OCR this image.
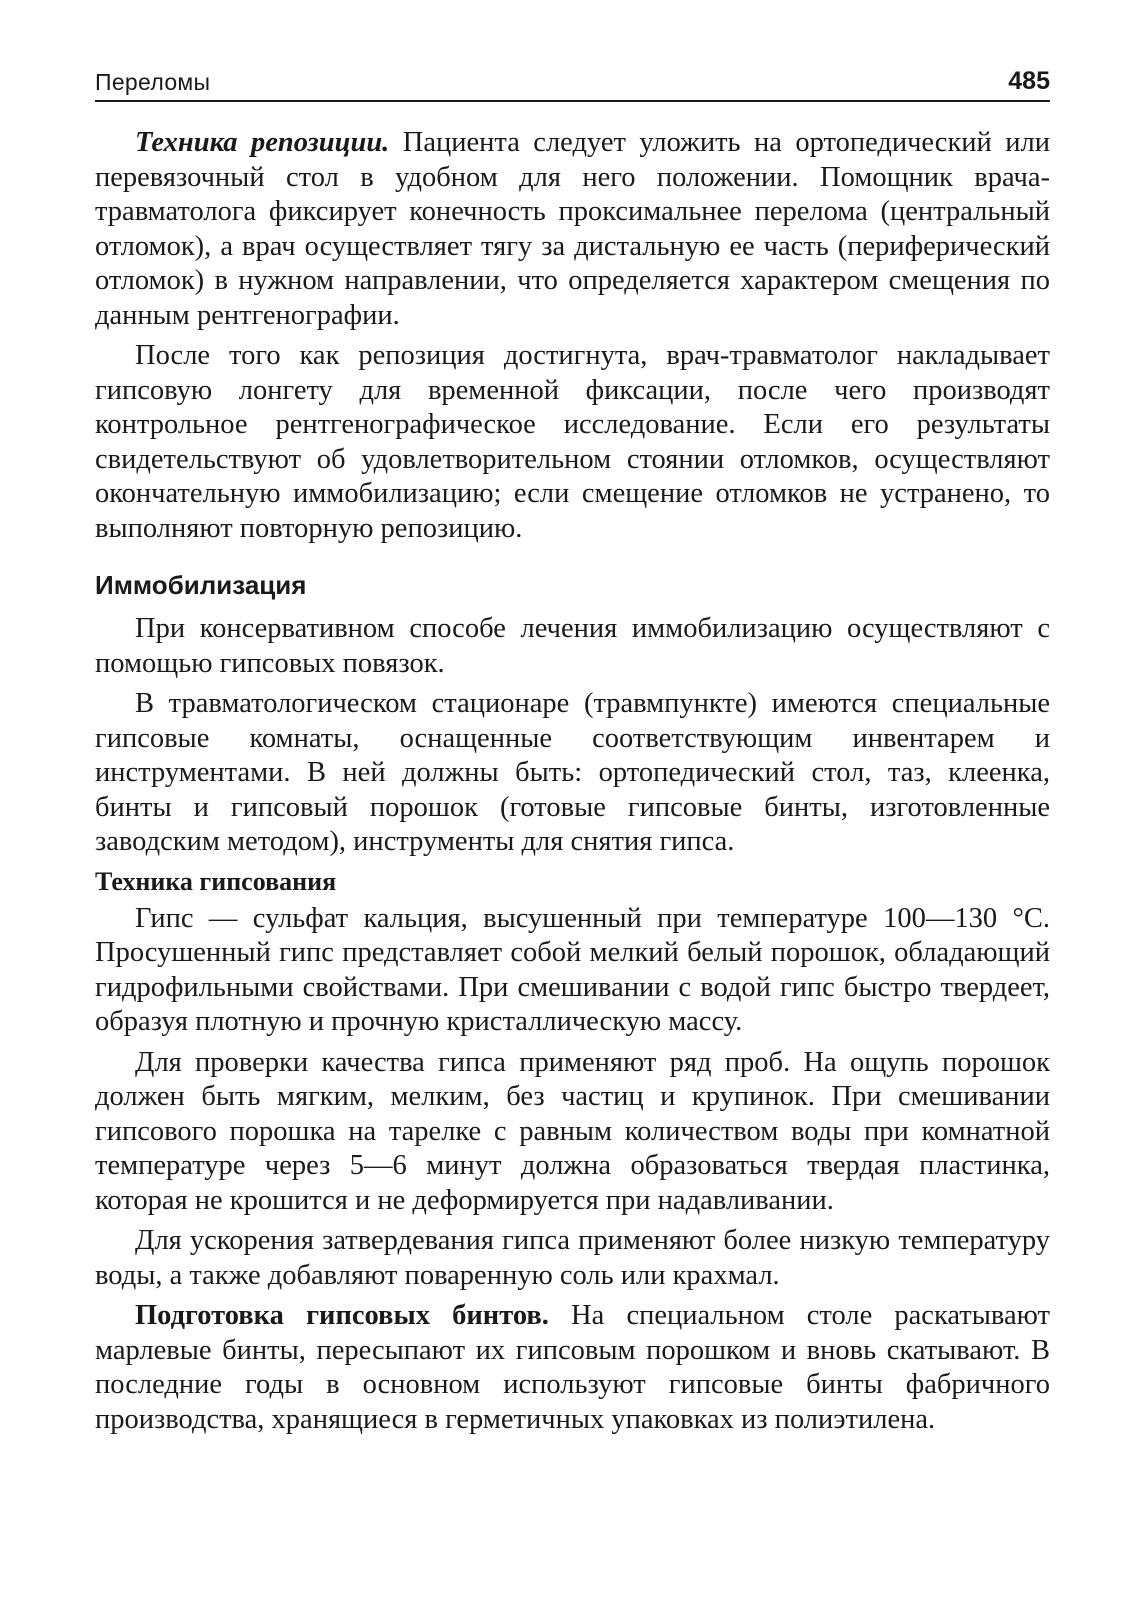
Переломы	485

Техника репозиции. Пациента следует уложить на ортопедический или перевязочный стол в удобном для него положении. Помощник врача-травматолога фиксирует конечность проксимальнее перелома (центральный отломок), а врач осуществляет тягу за дистальную ее часть (периферический отломок) в нужном направлении, что определяется характером смещения по данным рентгенографии.

После того как репозиция достигнута, врач-травматолог накладывает гипсовую лонгету для временной фиксации, после чего производят контрольное рентгенографическое исследование. Если его результаты свидетельствуют об удовлетворительном стоянии отломков, осуществляют окончательную иммобилизацию; если смещение отломков не устранено, то выполняют повторную репозицию.

Иммобилизация

При консервативном способе лечения иммобилизацию осуществляют с помощью гипсовых повязок.

В травматологическом стационаре (травмпункте) имеются специальные гипсовые комнаты, оснащенные соответствующим инвентарем и инструментами. В ней должны быть: ортопедический стол, таз, клеенка, бинты и гипсовый порошок (готовые гипсовые бинты, изготовленные заводским методом), инструменты для снятия гипса.

Техника гипсования

Гипс — сульфат кальция, высушенный при температуре 100—130 °С. Просушенный гипс представляет собой мелкий белый порошок, обладающий гидрофильными свойствами. При смешивании с водой гипс быстро твердеет, образуя плотную и прочную кристаллическую массу.

Для проверки качества гипса применяют ряд проб. На ощупь порошок должен быть мягким, мелким, без частиц и крупинок. При смешивании гипсового порошка на тарелке с равным количеством воды при комнатной температуре через 5—6 минут должна образоваться твердая пластинка, которая не крошится и не деформируется при надавливании.

Для ускорения затвердевания гипса применяют более низкую температуру воды, а также добавляют поваренную соль или крахмал.

Подготовка гипсовых бинтов. На специальном столе раскатывают марлевые бинты, пересыпают их гипсовым порошком и вновь скатывают. В последние годы в основном используют гипсовые бинты фабричного производства, хранящиеся в герметичных упаковках из полиэтилена.
